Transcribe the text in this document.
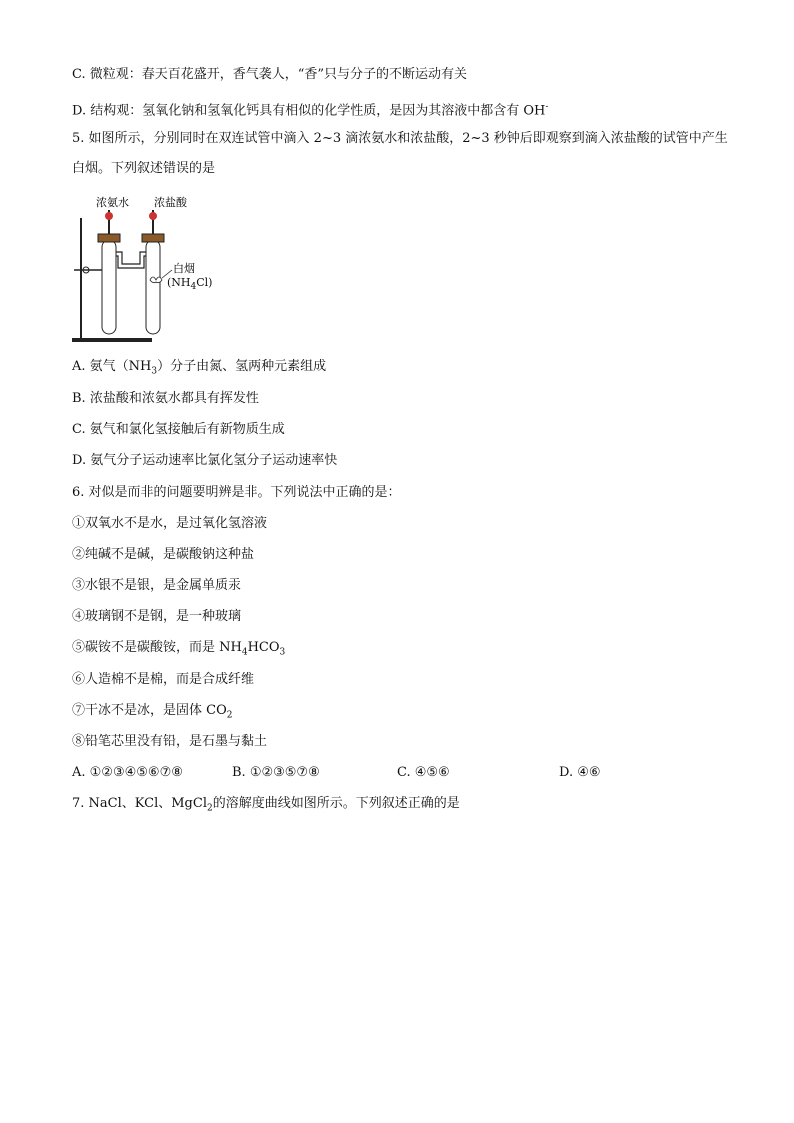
C. 微粒观：春天百花盛开，香气袭人，“香”只与分子的不断运动有关
D. 结构观：氢氧化钠和氢氧化钙具有相似的化学性质，是因为其溶液中都含有 OH-
5. 如图所示，分别同时在双连试管中滴入 2~3 滴浓氨水和浓盐酸，2~3 秒钟后即观察到滴入浓盐酸的试管中产生白烟。下列叙述错误的是
浓氨水 浓盐酸
白烟
$(NH_4Cl)$
A. 氨气$(NH_3)$分子由氮、氢两种元素组成
B. 浓盐酸和浓氨水都具有挥发性
C. 氨气和氯化氢接触后有新物质生成
D. 氨气分子运动速率比氯化氢分子运动速率快
6. 对似是而非的问题要明辨是非。下列说法中正确的是：
①双氧水不是水，是过氧化氢溶液
②纯碱不是碱，是碳酸钠这种盐
③水银不是银，是金属单质汞
④玻璃钢不是钢，是一种玻璃
⑤碳铵不是碳酸铵，而是 $NH_4HCO_3$
⑥人造棉不是棉，而是合成纤维
⑦干冰不是冰，是固体 $CO_2$
⑧铅笔芯里没有铅，是石墨与黏土
A. ①②③④⑤⑥⑦⑧	B. ①②③⑤⑦⑧	C. ④⑤⑥	D. ④⑥
7. NaCl、KCl、MgCl$_2$的溶解度曲线如图所示。下列叙述正确的是
